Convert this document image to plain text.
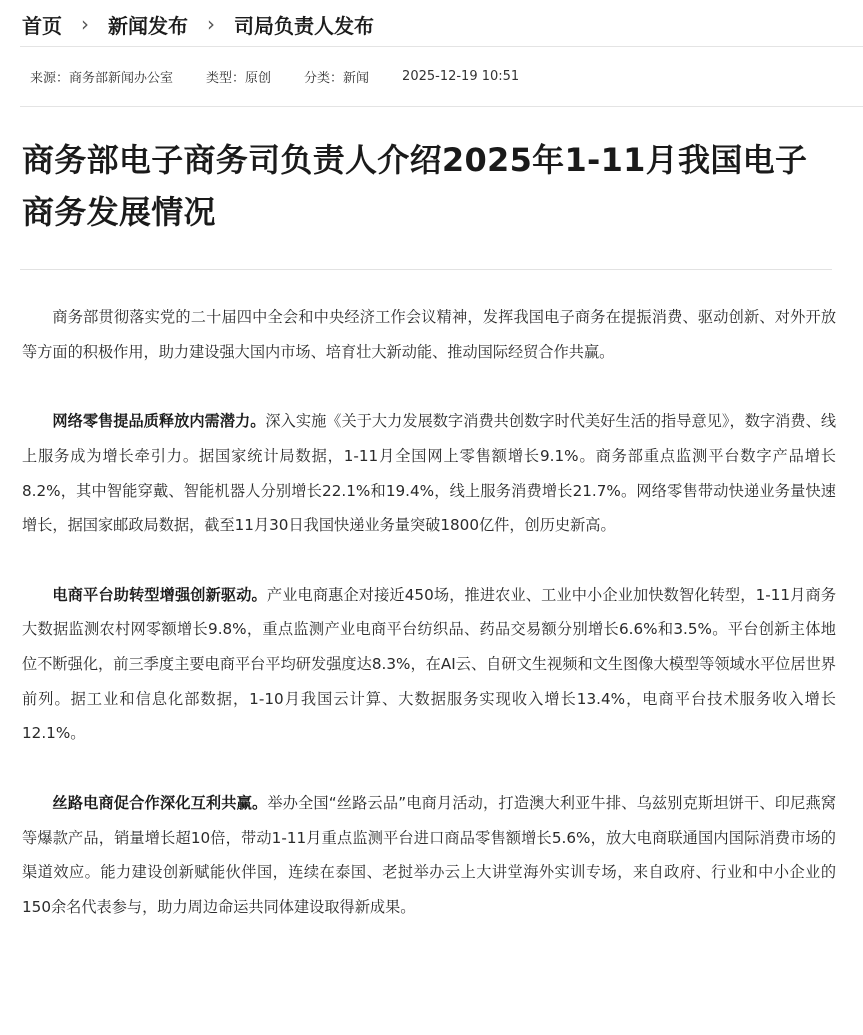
首页 › 新闻发布 › 司局负责人发布
来源：商务部新闻办公室	类型：原创	分类：新闻	2025-12-19 10:51
商务部电子商务司负责人介绍2025年1-11月我国电子商务发展情况

商务部贯彻落实党的二十届四中全会和中央经济工作会议精神，发挥我国电子商务在提振消费、驱动创新、对外开放等方面的积极作用，助力建设强大国内市场、培育壮大新动能、推动国际经贸合作共赢。

网络零售提品质释放内需潜力。深入实施《关于大力发展数字消费共创数字时代美好生活的指导意见》，数字消费、线上服务成为增长牵引力。据国家统计局数据，1-11月全国网上零售额增长9.1%。商务部重点监测平台数字产品增长8.2%，其中智能穿戴、智能机器人分别增长22.1%和19.4%，线上服务消费增长21.7%。网络零售带动快递业务量快速增长，据国家邮政局数据，截至11月30日我国快递业务量突破1800亿件，创历史新高。

电商平台助转型增强创新驱动。产业电商惠企对接近450场，推进农业、工业中小企业加快数智化转型，1-11月商务大数据监测农村网零额增长9.8%，重点监测产业电商平台纺织品、药品交易额分别增长6.6%和3.5%。平台创新主体地位不断强化，前三季度主要电商平台平均研发强度达8.3%，在AI云、自研文生视频和文生图像大模型等领域水平位居世界前列。据工业和信息化部数据，1-10月我国云计算、大数据服务实现收入增长13.4%，电商平台技术服务收入增长12.1%。

丝路电商促合作深化互利共赢。举办全国“丝路云品”电商月活动，打造澳大利亚牛排、乌兹别克斯坦饼干、印尼燕窝等爆款产品，销量增长超10倍，带动1-11月重点监测平台进口商品零售额增长5.6%，放大电商联通国内国际消费市场的渠道效应。能力建设创新赋能伙伴国，连续在泰国、老挝举办云上大讲堂海外实训专场，来自政府、行业和中小企业的150余名代表参与，助力周边命运共同体建设取得新成果。
